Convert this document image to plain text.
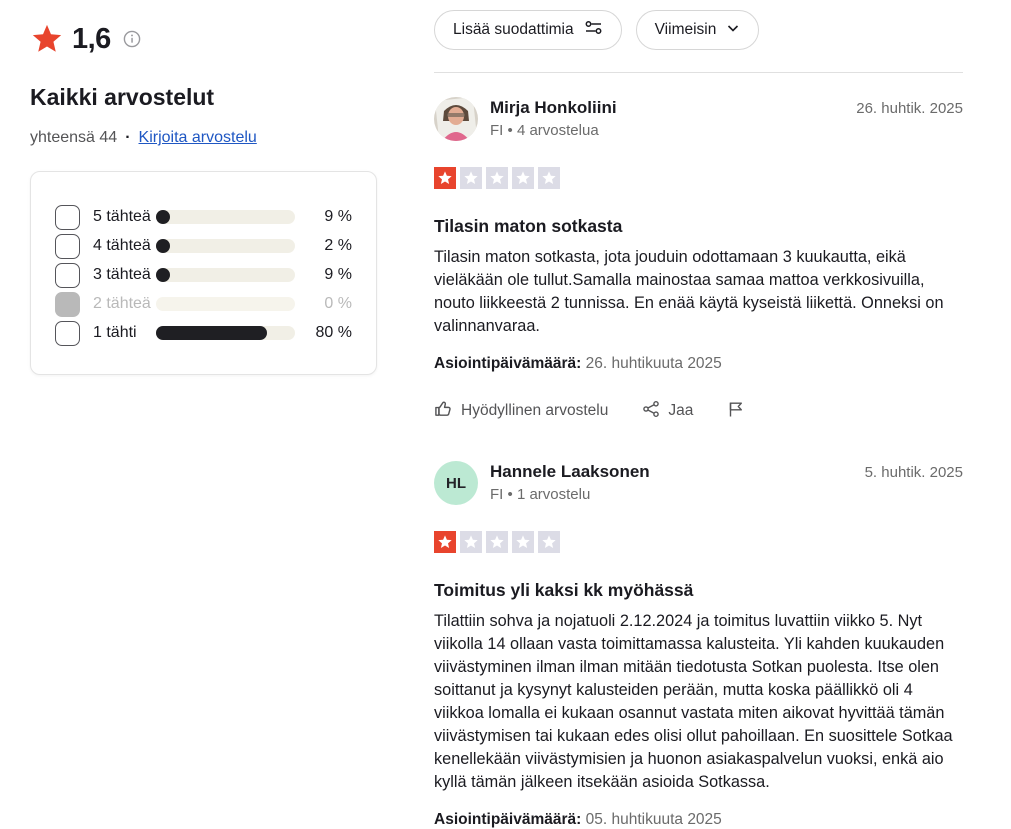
1,6
Kaikki arvostelut
yhteensä 44 · Kirjoita arvostelu
5 tähteä	9 %
4 tähteä	2 %
3 tähteä	9 %
2 tähteä	0 %
1 tähti	80 %
Lisää suodattimia	Viimeisin
Mirja Honkoliini
FI • 4 arvostelua
26. huhtik. 2025
Tilasin maton sotkasta

Tilasin maton sotkasta, jota jouduin odottamaan 3 kuukautta, eikä vieläkään ole tullut.Samalla mainostaa samaa mattoa verkkosivuilla, nouto liikkeestä 2 tunnissa. En enää käytä kyseistä liikettä. Onneksi on valinnanvaraa.

Asiointipäivämäärä: 26. huhtikuuta 2025

Hyödyllinen arvostelu	Jaa
HL
Hannele Laaksonen
FI • 1 arvostelu
5. huhtik. 2025
Toimitus yli kaksi kk myöhässä

Tilattiin sohva ja nojatuoli 2.12.2024 ja toimitus luvattiin viikko 5. Nyt viikolla 14 ollaan vasta toimittamassa kalusteita. Yli kahden kuukauden viivästyminen ilman ilman mitään tiedotusta Sotkan puolesta. Itse olen soittanut ja kysynyt kalusteiden perään, mutta koska päällikkö oli 4 viikkoa lomalla ei kukaan osannut vastata miten aikovat hyvittää tämän viivästymisen tai kukaan edes olisi ollut pahoillaan. En suosittele Sotkaa kenellekään viivästymisien ja huonon asiakaspalvelun vuoksi, enkä aio kyllä tämän jälkeen itsekään asioida Sotkassa.

Asiointipäivämäärä: 05. huhtikuuta 2025
